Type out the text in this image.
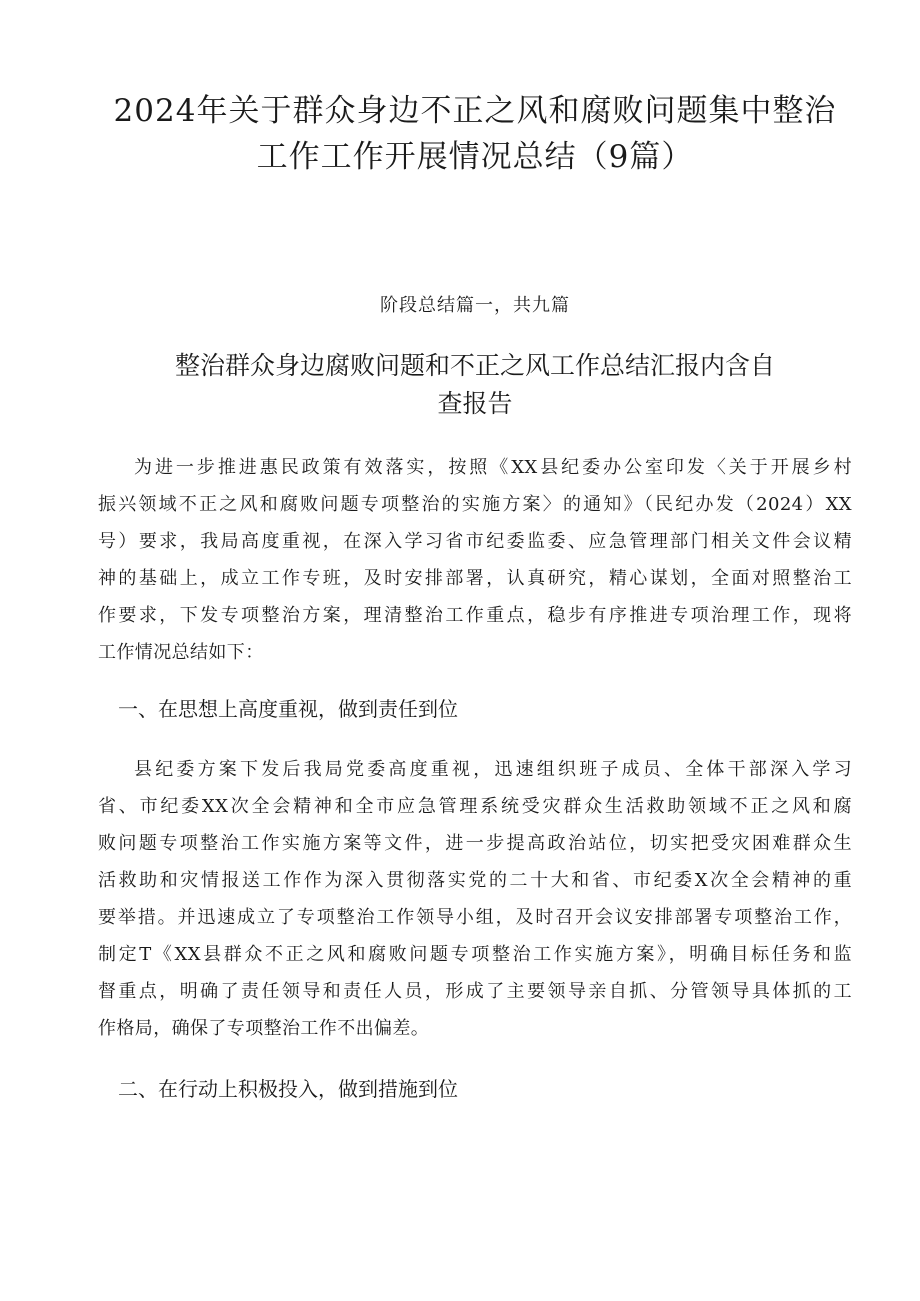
2024年关于群众身边不正之风和腐败问题集中整治
工作工作开展情况总结（9篇）

阶段总结篇一，共九篇

整治群众身边腐败问题和不正之风工作总结汇报内含自
查报告

为进一步推进惠民政策有效落实，按照《XX县纪委办公室印发〈关于开展乡村
振兴领域不正之风和腐败问题专项整治的实施方案〉的通知》（民纪办发（2024）XX
号）要求，我局高度重视，在深入学习省市纪委监委、应急管理部门相关文件会议精
神的基础上，成立工作专班，及时安排部署，认真研究，精心谋划，全面对照整治工
作要求，下发专项整治方案，理清整治工作重点，稳步有序推进专项治理工作，现将
工作情况总结如下：

一、在思想上高度重视，做到责任到位

县纪委方案下发后我局党委高度重视，迅速组织班子成员、全体干部深入学习
省、市纪委XX次全会精神和全市应急管理系统受灾群众生活救助领域不正之风和腐
败问题专项整治工作实施方案等文件，进一步提高政治站位，切实把受灾困难群众生
活救助和灾情报送工作作为深入贯彻落实党的二十大和省、市纪委X次全会精神的重
要举措。并迅速成立了专项整治工作领导小组，及时召开会议安排部署专项整治工作，
制定T《XX县群众不正之风和腐败问题专项整治工作实施方案》，明确目标任务和监
督重点，明确了责任领导和责任人员，形成了主要领导亲自抓、分管领导具体抓的工
作格局，确保了专项整治工作不出偏差。

二、在行动上积极投入，做到措施到位
